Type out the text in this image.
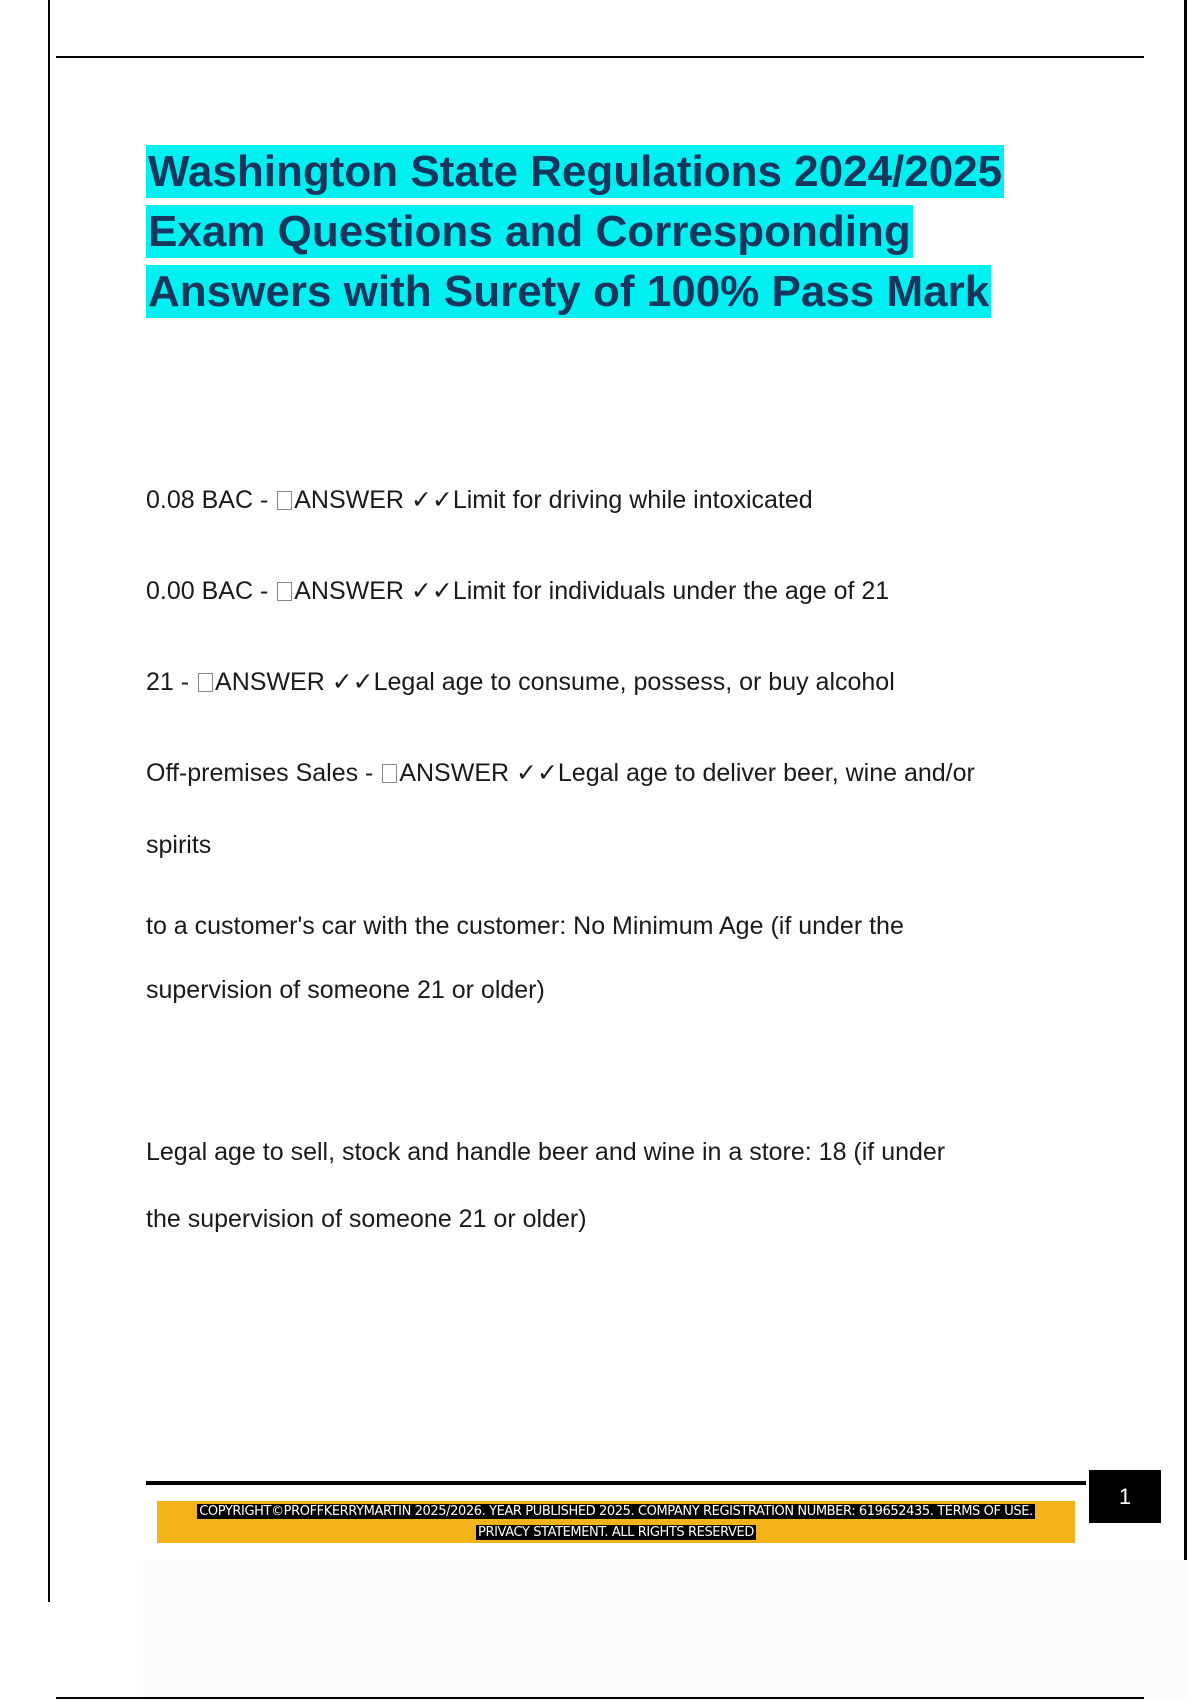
Washington State Regulations 2024/2025
Exam Questions and Corresponding
Answers with Surety of 100% Pass Mark

0.08 BAC - ANSWER ✓✓Limit for driving while intoxicated

0.00 BAC - ANSWER ✓✓Limit for individuals under the age of 21

21 - ANSWER ✓✓Legal age to consume, possess, or buy alcohol

Off-premises Sales - ANSWER ✓✓Legal age to deliver beer, wine and/or

spirits

to a customer's car with the customer: No Minimum Age (if under the

supervision of someone 21 or older)

Legal age to sell, stock and handle beer and wine in a store: 18 (if under

the supervision of someone 21 or older)

1
COPYRIGHT©PROFFKERRYMARTIN 2025/2026. YEAR PUBLISHED 2025. COMPANY REGISTRATION NUMBER: 619652435. TERMS OF USE.
PRIVACY STATEMENT. ALL RIGHTS RESERVED
